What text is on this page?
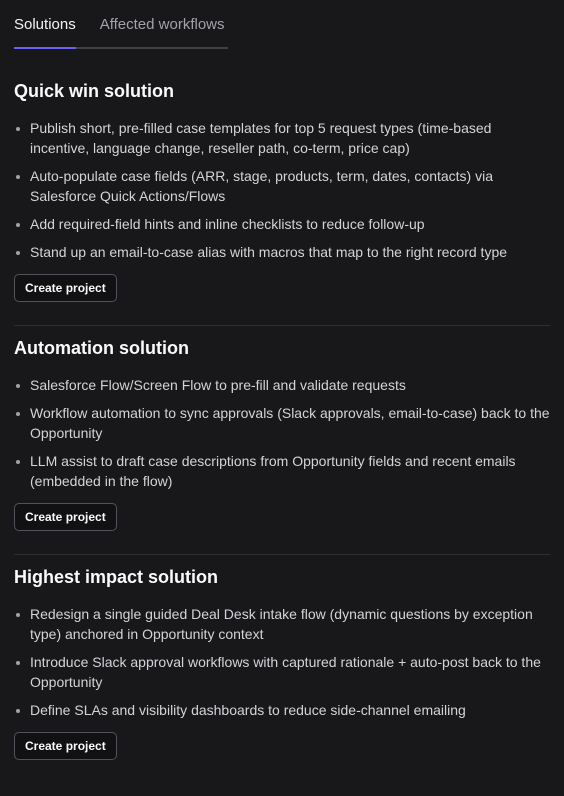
Solutions Affected workflows
Quick win solution
Publish short, pre-filled case templates for top 5 request types (time-based incentive, language change, reseller path, co-term, price cap)
Auto-populate case fields (ARR, stage, products, term, dates, contacts) via Salesforce Quick Actions/Flows
Add required-field hints and inline checklists to reduce follow-up
Stand up an email-to-case alias with macros that map to the right record type
Create project
Automation solution
Salesforce Flow/Screen Flow to pre-fill and validate requests
Workflow automation to sync approvals (Slack approvals, email-to-case) back to the Opportunity
LLM assist to draft case descriptions from Opportunity fields and recent emails (embedded in the flow)
Create project
Highest impact solution
Redesign a single guided Deal Desk intake flow (dynamic questions by exception type) anchored in Opportunity context
Introduce Slack approval workflows with captured rationale + auto-post back to the Opportunity
Define SLAs and visibility dashboards to reduce side-channel emailing
Create project
